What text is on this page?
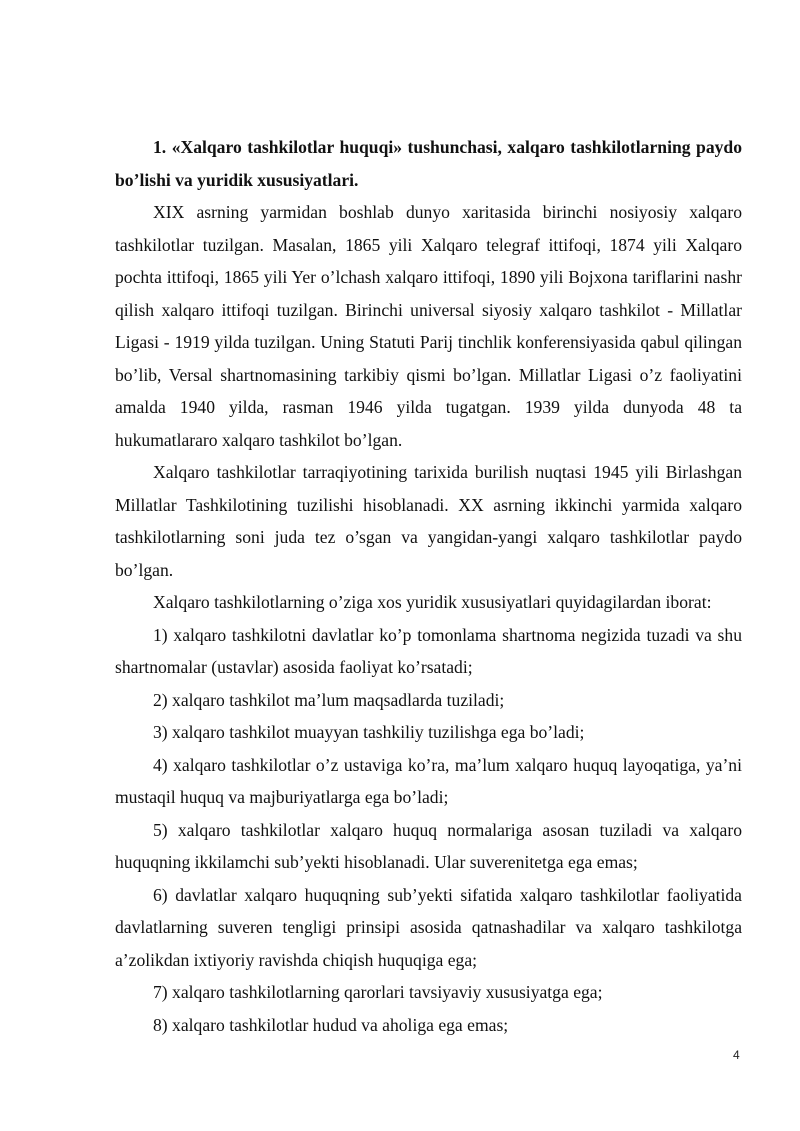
1. «Xalqaro tashkilotlar huquqi» tushunchasi, xalqaro tashkilotlarning paydo bo’lishi va yuridik xususiyatlari.

XIX asrning yarmidan boshlab dunyo xaritasida birinchi nosiyosiy xalqaro tashkilotlar tuzilgan. Masalan, 1865 yili Xalqaro telegraf ittifoqi, 1874 yili Xalqaro pochta ittifoqi, 1865 yili Yer o’lchash xalqaro ittifoqi, 1890 yili Bojxona tariflarini nashr qilish xalqaro ittifoqi tuzilgan. Birinchi universal siyosiy xalqaro tashkilot - Millatlar Ligasi - 1919 yilda tuzilgan. Uning Statuti Parij tinchlik konferensiyasida qabul qilingan bo’lib, Versal shartnomasining tarkibiy qismi bo’lgan. Millatlar Ligasi o’z faoliyatini amalda 1940 yilda, rasman 1946 yilda tugatgan. 1939 yilda dunyoda 48 ta hukumatlararo xalqaro tashkilot bo’lgan.

Xalqaro tashkilotlar tarraqiyotining tarixida burilish nuqtasi 1945 yili Birlashgan Millatlar Tashkilotining tuzilishi hisoblanadi. XX asrning ikkinchi yarmida xalqaro tashkilotlarning soni juda tez o’sgan va yangidan-yangi xalqaro tashkilotlar paydo bo’lgan.

Xalqaro tashkilotlarning o’ziga xos yuridik xususiyatlari quyidagilardan iborat:

1) xalqaro tashkilotni davlatlar ko’p tomonlama shartnoma negizida tuzadi va shu shartnomalar (ustavlar) asosida faoliyat ko’rsatadi;

2) xalqaro tashkilot ma’lum maqsadlarda tuziladi;

3) xalqaro tashkilot muayyan tashkiliy tuzilishga ega bo’ladi;

4) xalqaro tashkilotlar o’z ustaviga ko’ra, ma’lum xalqaro huquq layoqatiga, ya’ni mustaqil huquq va majburiyatlarga ega bo’ladi;

5) xalqaro tashkilotlar xalqaro huquq normalariga asosan tuziladi va xalqaro huquqning ikkilamchi sub’yekti hisoblanadi. Ular suverenitetga ega emas;

6) davlatlar xalqaro huquqning sub’yekti sifatida xalqaro tashkilotlar faoliyatida davlatlarning suveren tengligi prinsipi asosida qatnashadilar va xalqaro tashkilotga a’zolikdan ixtiyoriy ravishda chiqish huquqiga ega;

7) xalqaro tashkilotlarning qarorlari tavsiyaviy xususiyatga ega;

8) xalqaro tashkilotlar hudud va aholiga ega emas;

4
